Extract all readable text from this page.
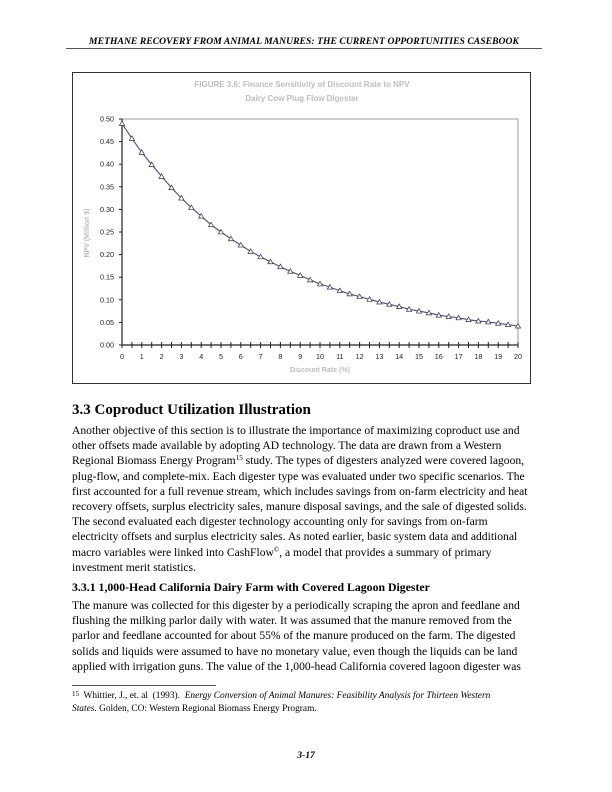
METHANE RECOVERY FROM ANIMAL MANURES: THE CURRENT OPPORTUNITIES CASEBOOK
FIGURE 3.6: Finance Sensitivity of Discount Rate to NPV
Dairy Cow Plug Flow Digester
Discount Rate (%)
NPV (Million $)
0.00
0.05
0.10
0.15
0.20
0.25
0.30
0.35
0.40
0.45
0.50
0 1 2 3 4 5 6 7 8 9 10 11 12 13 14 15 16 17 18 19 20
3.3 Coproduct Utilization Illustration
Another objective of this section is to illustrate the importance of maximizing coproduct use and
other offsets made available by adopting AD technology. The data are drawn from a Western
Regional Biomass Energy Program$^{15}$ study. The types of digesters analyzed were covered lagoon,
plug-flow, and complete-mix. Each digester type was evaluated under two specific scenarios. The
first accounted for a full revenue stream, which includes savings from on-farm electricity and heat
recovery offsets, surplus electricity sales, manure disposal savings, and the sale of digested solids.
The second evaluated each digester technology accounting only for savings from on-farm
electricity offsets and surplus electricity sales. As noted earlier, basic system data and additional
macro variables were linked into CashFlow©, a model that provides a summary of primary
investment merit statistics.
3.3.1 1,000-Head California Dairy Farm with Covered Lagoon Digester
The manure was collected for this digester by a periodically scraping the apron and feedlane and
flushing the milking parlor daily with water. It was assumed that the manure removed from the
parlor and feedlane accounted for about 55% of the manure produced on the farm. The digested
solids and liquids were assumed to have no monetary value, even though the liquids can be land
applied with irrigation guns. The value of the 1,000-head California covered lagoon digester was
$^{15}$  Whittier, J., et. al  (1993).  Energy Conversion of Animal Manures: Feasibility Analysis for Thirteen Western
States. Golden, CO: Western Regional Biomass Energy Program.
3-17
